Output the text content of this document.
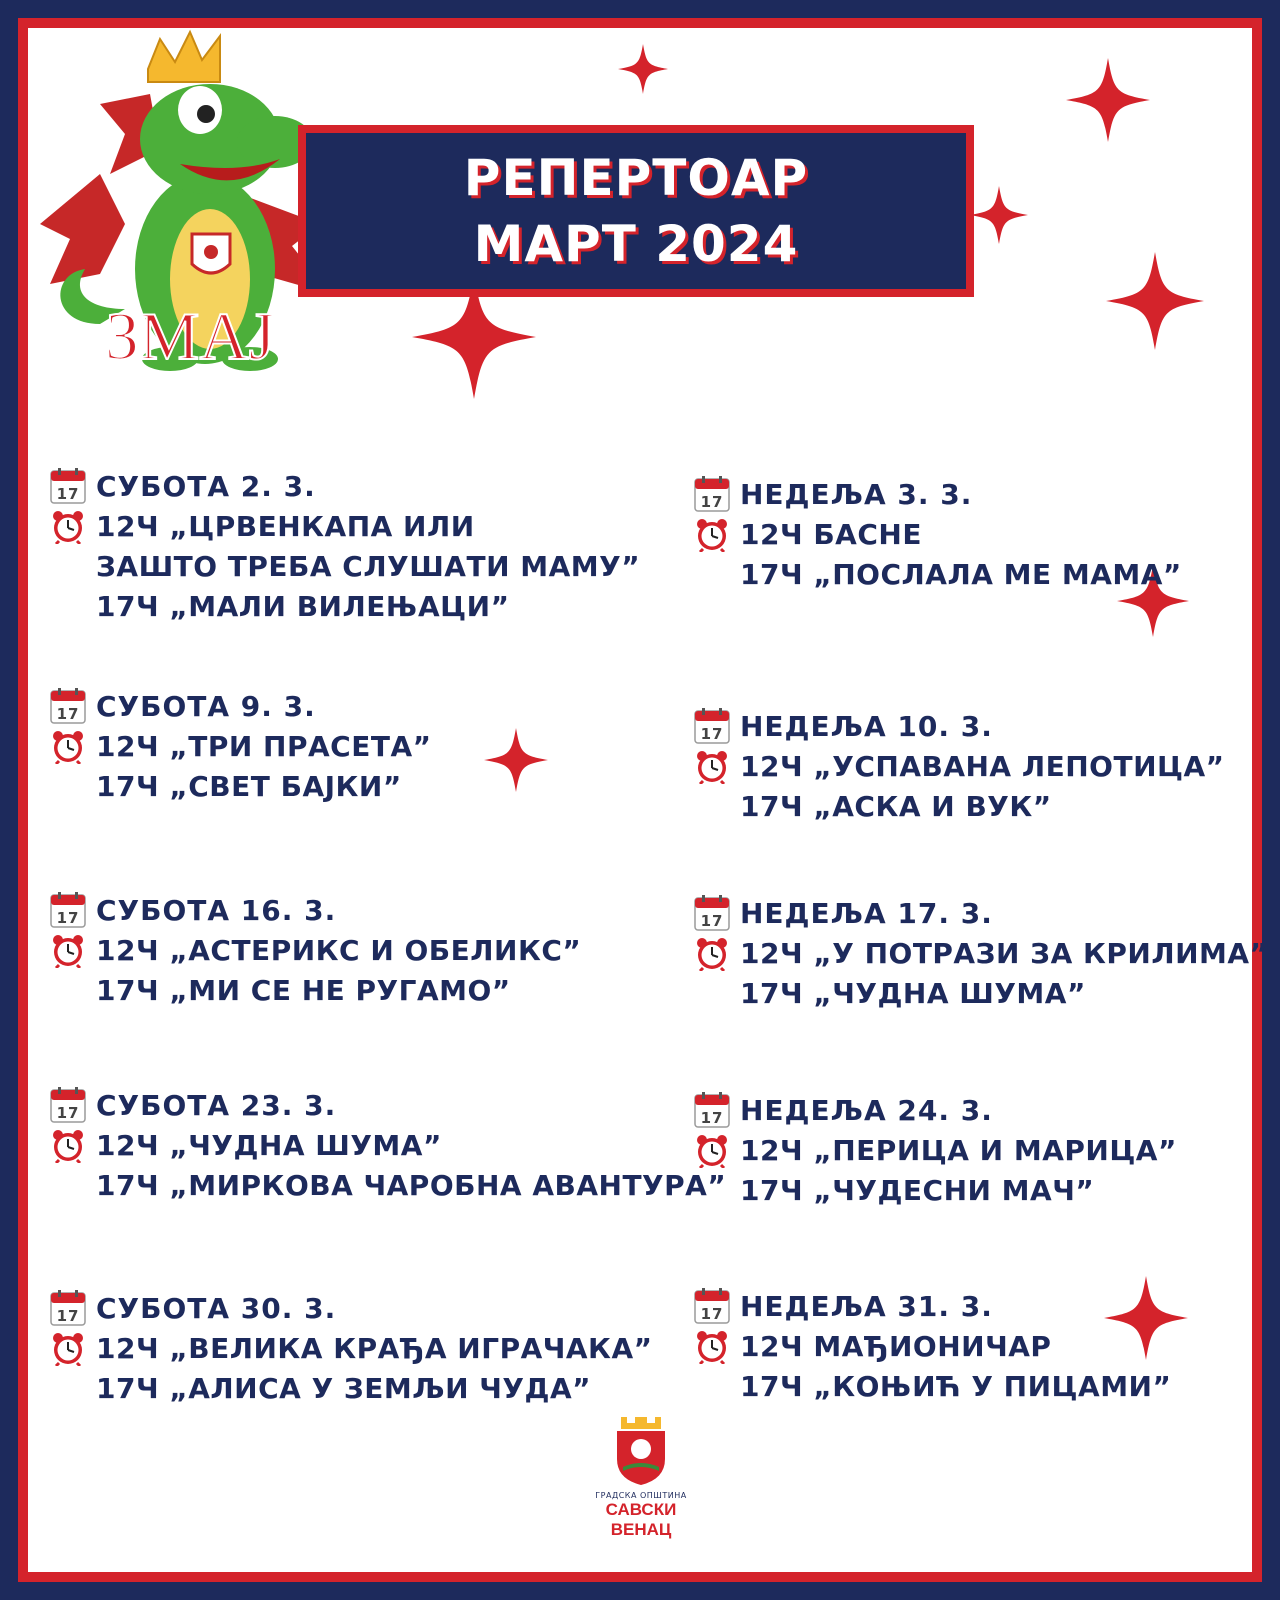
ЗМАЈ
РЕПЕРТОАР
МАРТ 2024
СУБОТА 2. 3.
12Ч „ЦРВЕНКАПА ИЛИ
ЗАШТО ТРЕБА СЛУШАТИ МАМУ”
17Ч „МАЛИ ВИЛЕЊАЦИ”
СУБОТА 9. 3.
12Ч „ТРИ ПРАСЕТА”
17Ч „СВЕТ БАЈКИ”
СУБОТА 16. 3.
12Ч „АСТЕРИКС И ОБЕЛИКС”
17Ч „МИ СЕ НЕ РУГАМО”
СУБОТА 23. 3.
12Ч „ЧУДНА ШУМА”
17Ч „МИРКОВА ЧАРОБНА АВАНТУРА”
СУБОТА 30. 3.
12Ч „ВЕЛИКА КРАЂА ИГРАЧАКА”
17Ч „АЛИСА У ЗЕМЉИ ЧУДА”
НЕДЕЉА 3. 3.
12Ч БАСНЕ
17Ч „ПОСЛАЛА МЕ МАМА”
НЕДЕЉА 10. 3.
12Ч „УСПАВАНА ЛЕПОТИЦА”
17Ч „АСКА И ВУК”
НЕДЕЉА 17. 3.
12Ч „У ПОТРАЗИ ЗА КРИЛИМА”
17Ч „ЧУДНА ШУМА”
НЕДЕЉА 24. 3.
12Ч „ПЕРИЦА И МАРИЦА”
17Ч „ЧУДЕСНИ МАЧ”
НЕДЕЉА 31. 3.
12Ч МАЂИОНИЧАР
17Ч „КОЊИЋ У ПИЦАМИ”
ГРАДСКА ОПШТИНА
САВСКИ ВЕНАЦ
